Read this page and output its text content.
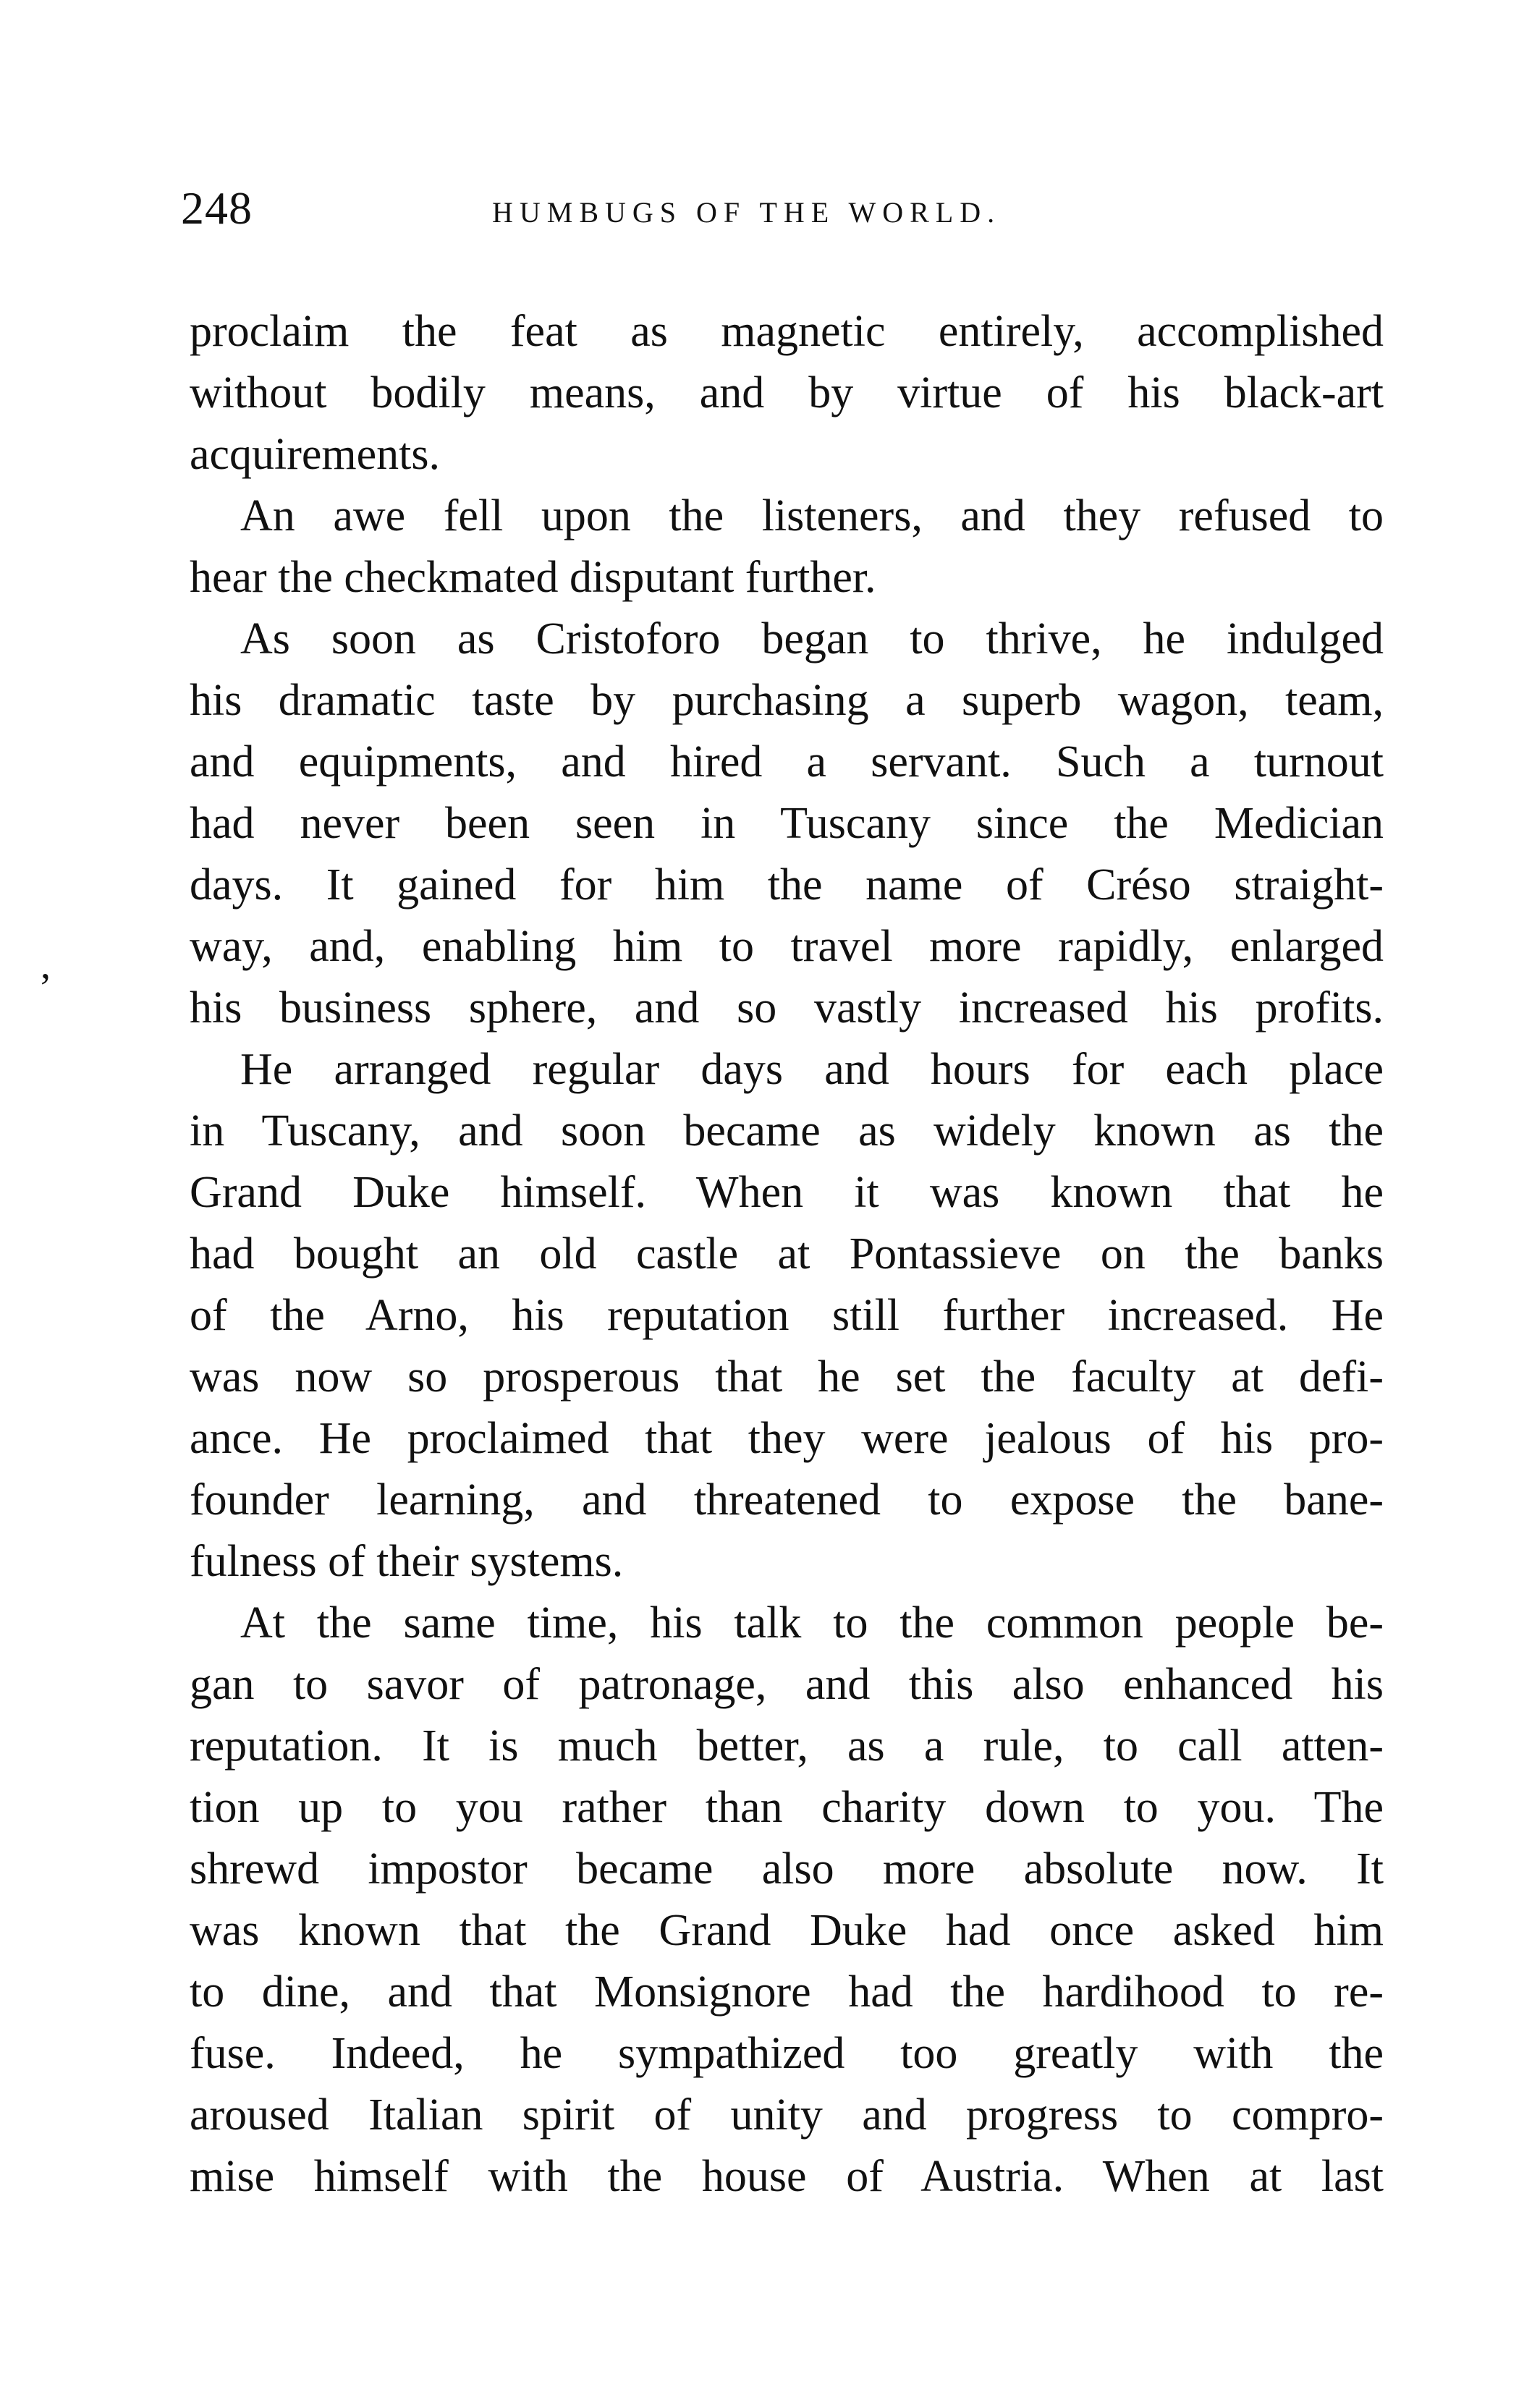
248	HUMBUGS OF THE WORLD.
,
proclaim the feat as magnetic entirely, accomplished
without bodily means, and by virtue of his black-art
acquirements.
An awe fell upon the listeners, and they refused to
hear the checkmated disputant further.
As soon as Cristoforo began to thrive, he indulged
his dramatic taste by purchasing a superb wagon, team,
and equipments, and hired a servant. Such a turnout
had never been seen in Tuscany since the Medician
days. It gained for him the name of Créso straight-
way, and, enabling him to travel more rapidly, enlarged
his business sphere, and so vastly increased his profits.
He arranged regular days and hours for each place
in Tuscany, and soon became as widely known as the
Grand Duke himself. When it was known that he
had bought an old castle at Pontassieve on the banks
of the Arno, his reputation still further increased. He
was now so prosperous that he set the faculty at defi-
ance. He proclaimed that they were jealous of his pro-
founder learning, and threatened to expose the bane-
fulness of their systems.
At the same time, his talk to the common people be-
gan to savor of patronage, and this also enhanced his
reputation. It is much better, as a rule, to call atten-
tion up to you rather than charity down to you. The
shrewd impostor became also more absolute now. It
was known that the Grand Duke had once asked him
to dine, and that Monsignore had the hardihood to re-
fuse. Indeed, he sympathized too greatly with the
aroused Italian spirit of unity and progress to compro-
mise himself with the house of Austria. When at last
